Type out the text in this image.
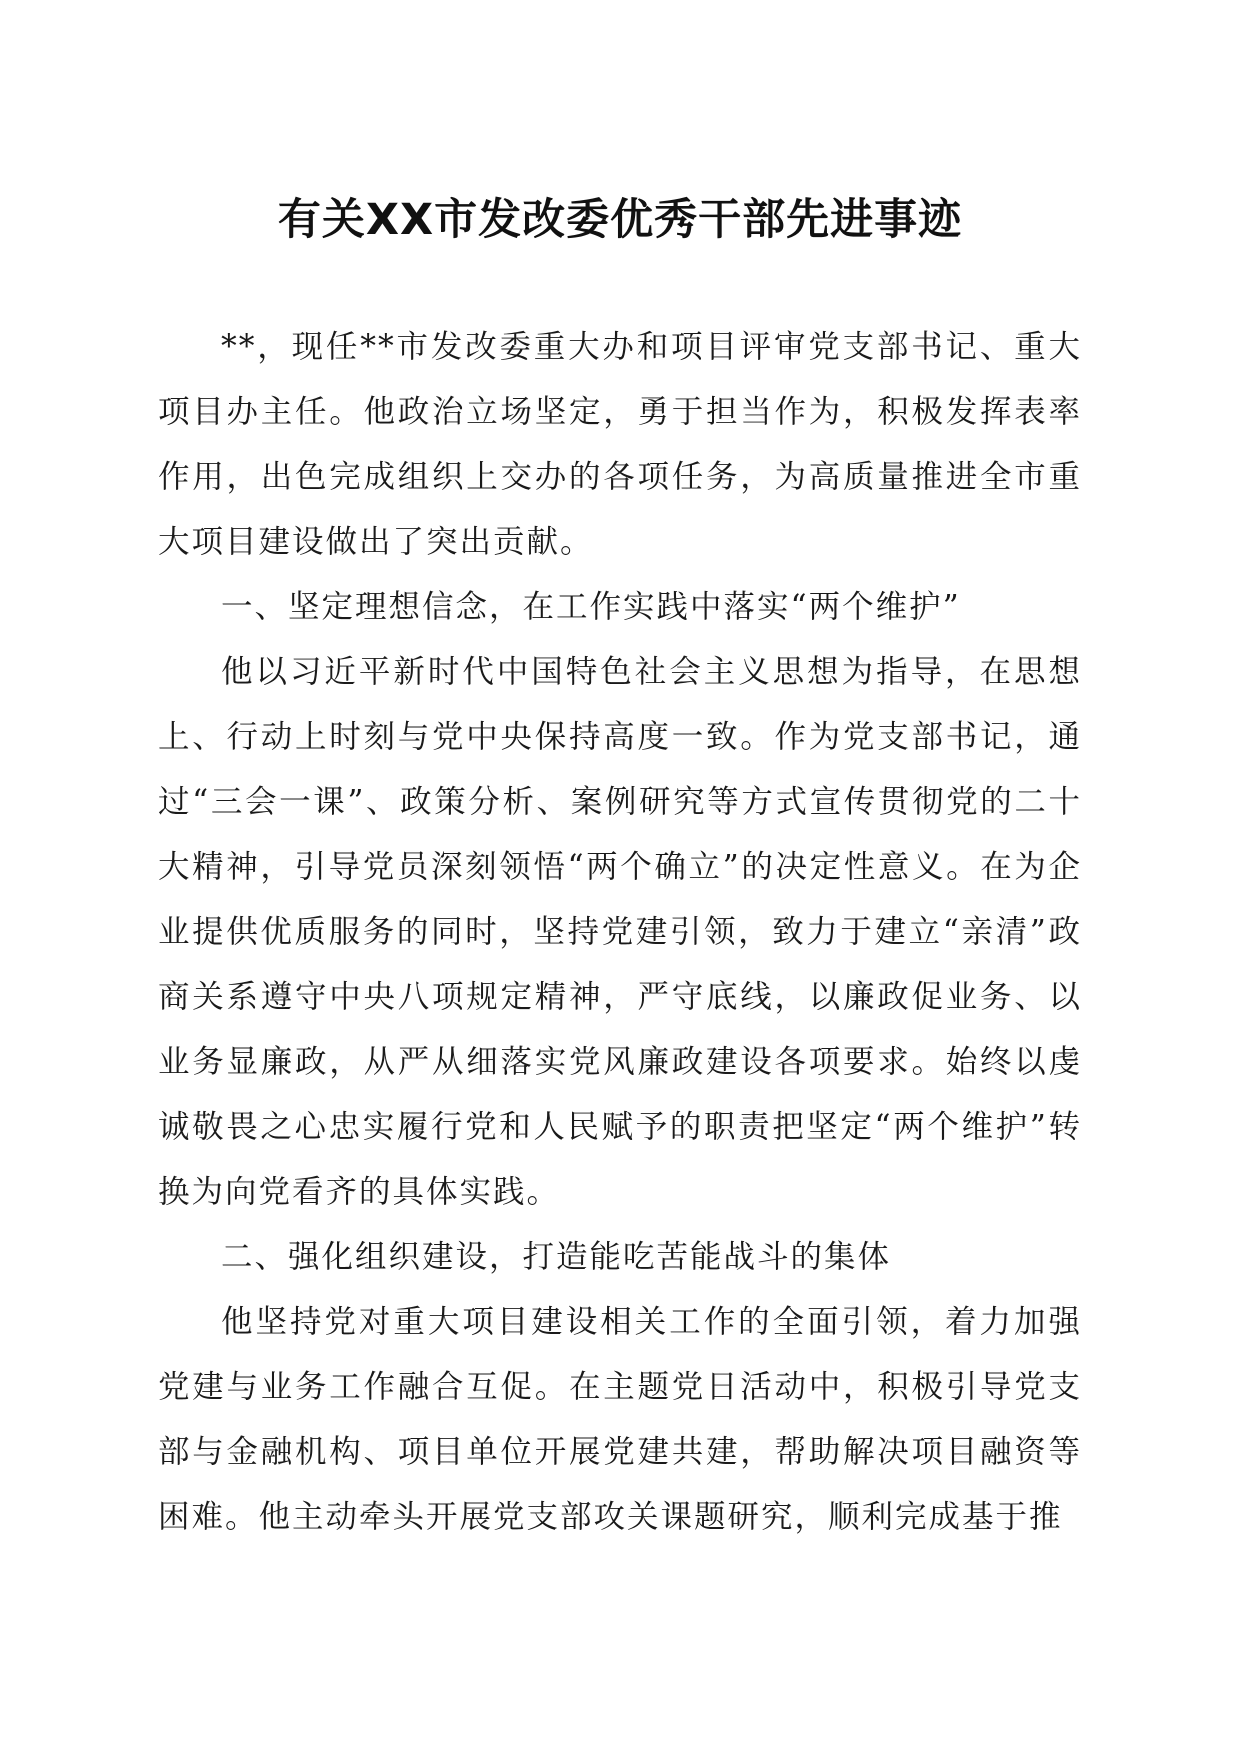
有关XX市发改委优秀干部先进事迹

**，现任**市发改委重大办和项目评审党支部书记、重大项目办主任。他政治立场坚定，勇于担当作为，积极发挥表率作用，出色完成组织上交办的各项任务，为高质量推进全市重大项目建设做出了突出贡献。

一、坚定理想信念，在工作实践中落实“两个维护”

他以习近平新时代中国特色社会主义思想为指导，在思想上、行动上时刻与党中央保持高度一致。作为党支部书记，通过“三会一课”、政策分析、案例研究等方式宣传贯彻党的二十大精神，引导党员深刻领悟“两个确立”的决定性意义。在为企业提供优质服务的同时，坚持党建引领，致力于建立“亲清”政商关系遵守中央八项规定精神，严守底线，以廉政促业务、以业务显廉政，从严从细落实党风廉政建设各项要求。始终以虔诚敬畏之心忠实履行党和人民赋予的职责把坚定“两个维护”转换为向党看齐的具体实践。

二、强化组织建设，打造能吃苦能战斗的集体

他坚持党对重大项目建设相关工作的全面引领，着力加强党建与业务工作融合互促。在主题党日活动中，积极引导党支部与金融机构、项目单位开展党建共建，帮助解决项目融资等困难。他主动牵头开展党支部攻关课题研究，顺利完成基于推
